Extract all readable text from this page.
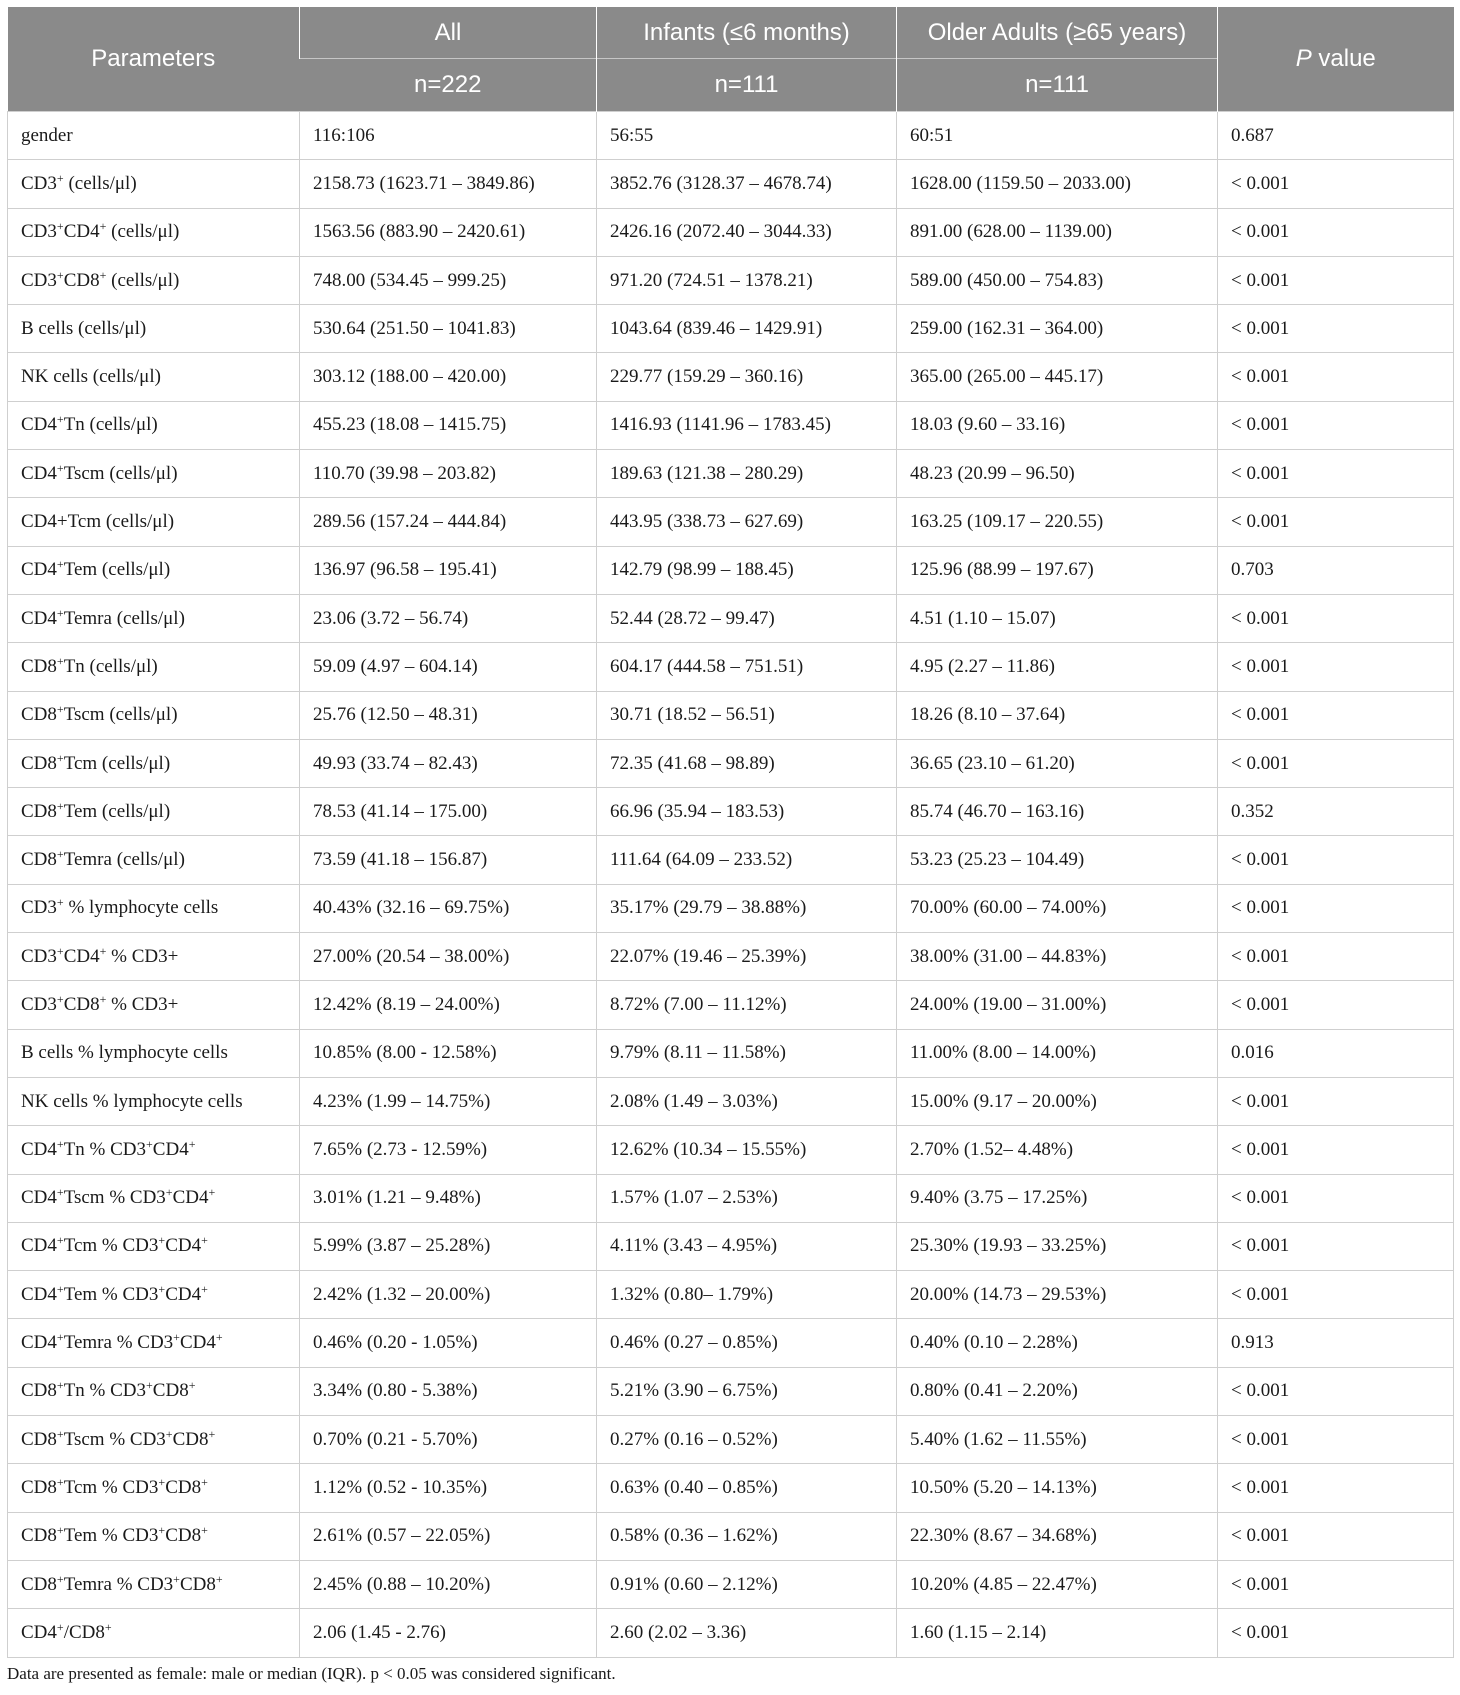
Parameters	All	Infants (≤6 months)	Older Adults (≥65 years)	P value
	n=222	n=111	n=111	
gender	116:106	56:55	60:51	0.687
CD3+ (cells/μl)	2158.73 (1623.71 – 3849.86)	3852.76 (3128.37 – 4678.74)	1628.00 (1159.50 – 2033.00)	< 0.001
CD3+CD4+ (cells/μl)	1563.56 (883.90 – 2420.61)	2426.16 (2072.40 – 3044.33)	891.00 (628.00 – 1139.00)	< 0.001
CD3+CD8+ (cells/μl)	748.00 (534.45 – 999.25)	971.20 (724.51 – 1378.21)	589.00 (450.00 – 754.83)	< 0.001
B cells (cells/μl)	530.64 (251.50 – 1041.83)	1043.64 (839.46 – 1429.91)	259.00 (162.31 – 364.00)	< 0.001
NK cells (cells/μl)	303.12 (188.00 – 420.00)	229.77 (159.29 – 360.16)	365.00 (265.00 – 445.17)	< 0.001
CD4+Tn (cells/μl)	455.23 (18.08 – 1415.75)	1416.93 (1141.96 – 1783.45)	18.03 (9.60 – 33.16)	< 0.001
CD4+Tscm (cells/μl)	110.70 (39.98 – 203.82)	189.63 (121.38 – 280.29)	48.23 (20.99 – 96.50)	< 0.001
CD4+Tcm (cells/μl)	289.56 (157.24 – 444.84)	443.95 (338.73 – 627.69)	163.25 (109.17 – 220.55)	< 0.001
CD4+Tem (cells/μl)	136.97 (96.58 – 195.41)	142.79 (98.99 – 188.45)	125.96 (88.99 – 197.67)	0.703
CD4+Temra (cells/μl)	23.06 (3.72 – 56.74)	52.44 (28.72 – 99.47)	4.51 (1.10 – 15.07)	< 0.001
CD8+Tn (cells/μl)	59.09 (4.97 – 604.14)	604.17 (444.58 – 751.51)	4.95 (2.27 – 11.86)	< 0.001
CD8+Tscm (cells/μl)	25.76 (12.50 – 48.31)	30.71 (18.52 – 56.51)	18.26 (8.10 – 37.64)	< 0.001
CD8+Tcm (cells/μl)	49.93 (33.74 – 82.43)	72.35 (41.68 – 98.89)	36.65 (23.10 – 61.20)	< 0.001
CD8+Tem (cells/μl)	78.53 (41.14 – 175.00)	66.96 (35.94 – 183.53)	85.74 (46.70 – 163.16)	0.352
CD8+Temra (cells/μl)	73.59 (41.18 – 156.87)	111.64 (64.09 – 233.52)	53.23 (25.23 – 104.49)	< 0.001
CD3+ % lymphocyte cells	40.43% (32.16 – 69.75%)	35.17% (29.79 – 38.88%)	70.00% (60.00 – 74.00%)	< 0.001
CD3+CD4+ % CD3+	27.00% (20.54 – 38.00%)	22.07% (19.46 – 25.39%)	38.00% (31.00 – 44.83%)	< 0.001
CD3+CD8+ % CD3+	12.42% (8.19 – 24.00%)	8.72% (7.00 – 11.12%)	24.00% (19.00 – 31.00%)	< 0.001
B cells % lymphocyte cells	10.85% (8.00 - 12.58%)	9.79% (8.11 – 11.58%)	11.00% (8.00 – 14.00%)	0.016
NK cells % lymphocyte cells	4.23% (1.99 – 14.75%)	2.08% (1.49 – 3.03%)	15.00% (9.17 – 20.00%)	< 0.001
CD4+Tn % CD3+CD4+	7.65% (2.73 - 12.59%)	12.62% (10.34 – 15.55%)	2.70% (1.52– 4.48%)	< 0.001
CD4+Tscm % CD3+CD4+	3.01% (1.21 – 9.48%)	1.57% (1.07 – 2.53%)	9.40% (3.75 – 17.25%)	< 0.001
CD4+Tcm % CD3+CD4+	5.99% (3.87 – 25.28%)	4.11% (3.43 – 4.95%)	25.30% (19.93 – 33.25%)	< 0.001
CD4+Tem % CD3+CD4+	2.42% (1.32 – 20.00%)	1.32% (0.80– 1.79%)	20.00% (14.73 – 29.53%)	< 0.001
CD4+Temra % CD3+CD4+	0.46% (0.20 - 1.05%)	0.46% (0.27 – 0.85%)	0.40% (0.10 – 2.28%)	0.913
CD8+Tn % CD3+CD8+	3.34% (0.80 - 5.38%)	5.21% (3.90 – 6.75%)	0.80% (0.41 – 2.20%)	< 0.001
CD8+Tscm % CD3+CD8+	0.70% (0.21 - 5.70%)	0.27% (0.16 – 0.52%)	5.40% (1.62 – 11.55%)	< 0.001
CD8+Tcm % CD3+CD8+	1.12% (0.52 - 10.35%)	0.63% (0.40 – 0.85%)	10.50% (5.20 – 14.13%)	< 0.001
CD8+Tem % CD3+CD8+	2.61% (0.57 – 22.05%)	0.58% (0.36 – 1.62%)	22.30% (8.67 – 34.68%)	< 0.001
CD8+Temra % CD3+CD8+	2.45% (0.88 – 10.20%)	0.91% (0.60 – 2.12%)	10.20% (4.85 – 22.47%)	< 0.001
CD4+/CD8+	2.06 (1.45 - 2.76)	2.60 (2.02 – 3.36)	1.60 (1.15 – 2.14)	< 0.001
Data are presented as female: male or median (IQR). p < 0.05 was considered significant.
